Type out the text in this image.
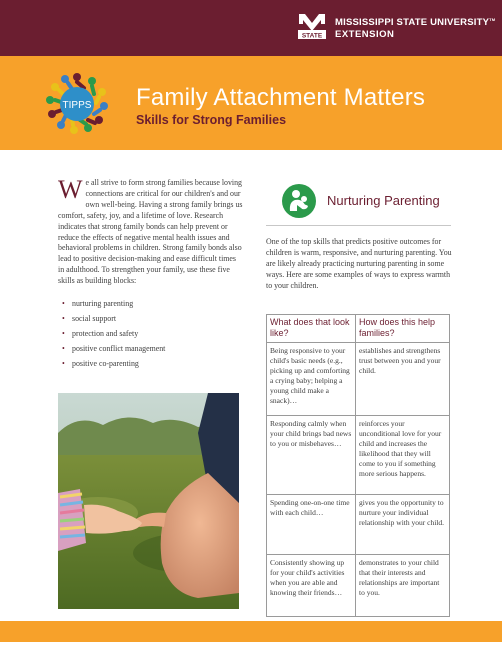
STATE
MISSISSIPPI STATE UNIVERSITY™
EXTENSION
TIPPS Family Attachment Matters
Skills for Strong Families
We all strive to form strong families because loving connections are critical for our children's and our own well-being. Having a strong family brings us comfort, safety, joy, and a lifetime of love. Research indicates that strong family bonds can help prevent or reduce the effects of negative mental health issues and behavioral problems in children. Strong family bonds also lead to positive decision-making and ease difficult times in adulthood. To strengthen your family, use these five skills as building blocks:
• nurturing parenting
• social support
• protection and safety
• positive conflict management
• positive co-parenting
Nurturing Parenting
One of the top skills that predicts positive outcomes for children is warm, responsive, and nurturing parenting. You are likely already practicing nurturing parenting in some ways. Here are some examples of ways to express warmth to your children.
What does that look like?	How does this help families?
Being responsive to your child's basic needs (e.g., picking up and comforting a crying baby; helping a young child make a snack)…	establishes and strengthens trust between you and your child.
Responding calmly when your child brings bad news to you or misbehaves…	reinforces your unconditional love for your child and increases the likelihood that they will come to you if something more serious happens.
Spending one-on-one time with each child…	gives you the opportunity to nurture your individual relationship with your child.
Consistently showing up for your child's activities when you are able and knowing their friends…	demonstrates to your child that their interests and relationships are important to you.
